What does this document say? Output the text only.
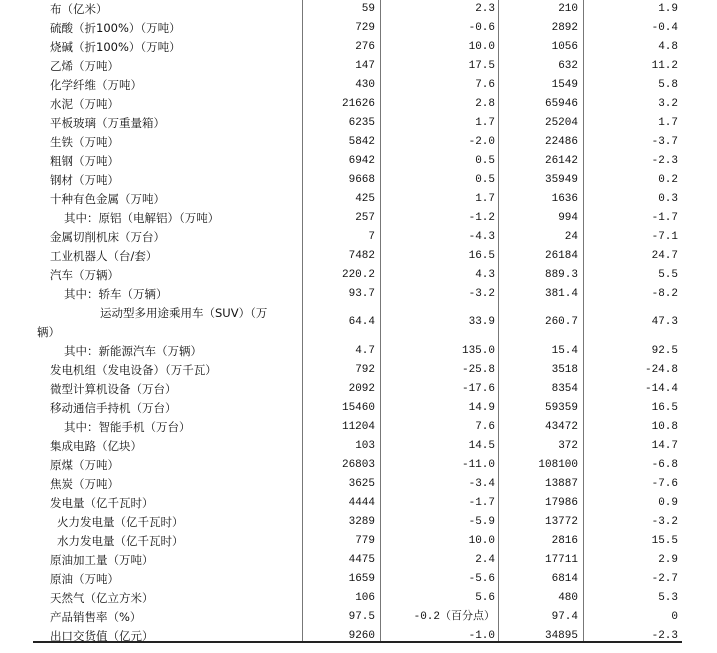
布（亿米）	59	2.3	210	1.9
硫酸（折100%）（万吨）	729	-0.6	2892	-0.4
烧碱（折100%）（万吨）	276	10.0	1056	4.8
乙烯（万吨）	147	17.5	632	11.2
化学纤维（万吨）	430	7.6	1549	5.8
水泥（万吨）	21626	2.8	65946	3.2
平板玻璃（万重量箱）	6235	1.7	25204	1.7
生铁（万吨）	5842	-2.0	22486	-3.7
粗钢（万吨）	6942	0.5	26142	-2.3
钢材（万吨）	9668	0.5	35949	0.2
十种有色金属（万吨）	425	1.7	1636	0.3
其中：原铝（电解铝）（万吨）	257	-1.2	994	-1.7
金属切削机床（万台）	7	-4.3	24	-7.1
工业机器人（台/套）	7482	16.5	26184	24.7
汽车（万辆）	220.2	4.3	889.3	5.5
其中：轿车（万辆）	93.7	-3.2	381.4	-8.2
运动型多用途乘用车（SUV）（万
辆）
64.4	33.9	260.7	47.3
其中：新能源汽车（万辆）	4.7	135.0	15.4	92.5
发电机组（发电设备）（万千瓦）	792	-25.8	3518	-24.8
微型计算机设备（万台）	2092	-17.6	8354	-14.4
移动通信手持机（万台）	15460	14.9	59359	16.5
其中：智能手机（万台）	11204	7.6	43472	10.8
集成电路（亿块）	103	14.5	372	14.7
原煤（万吨）	26803	-11.0	108100	-6.8
焦炭（万吨）	3625	-3.4	13887	-7.6
发电量（亿千瓦时）	4444	-1.7	17986	0.9
火力发电量（亿千瓦时）	3289	-5.9	13772	-3.2
水力发电量（亿千瓦时）	779	10.0	2816	15.5
原油加工量（万吨）	4475	2.4	17711	2.9
原油（万吨）	1659	-5.6	6814	-2.7
天然气（亿立方米）	106	5.6	480	5.3
产品销售率（%）	97.5	-0.2（百分点）	97.4	0
出口交货值（亿元）	9260	-1.0	34895	-2.3
